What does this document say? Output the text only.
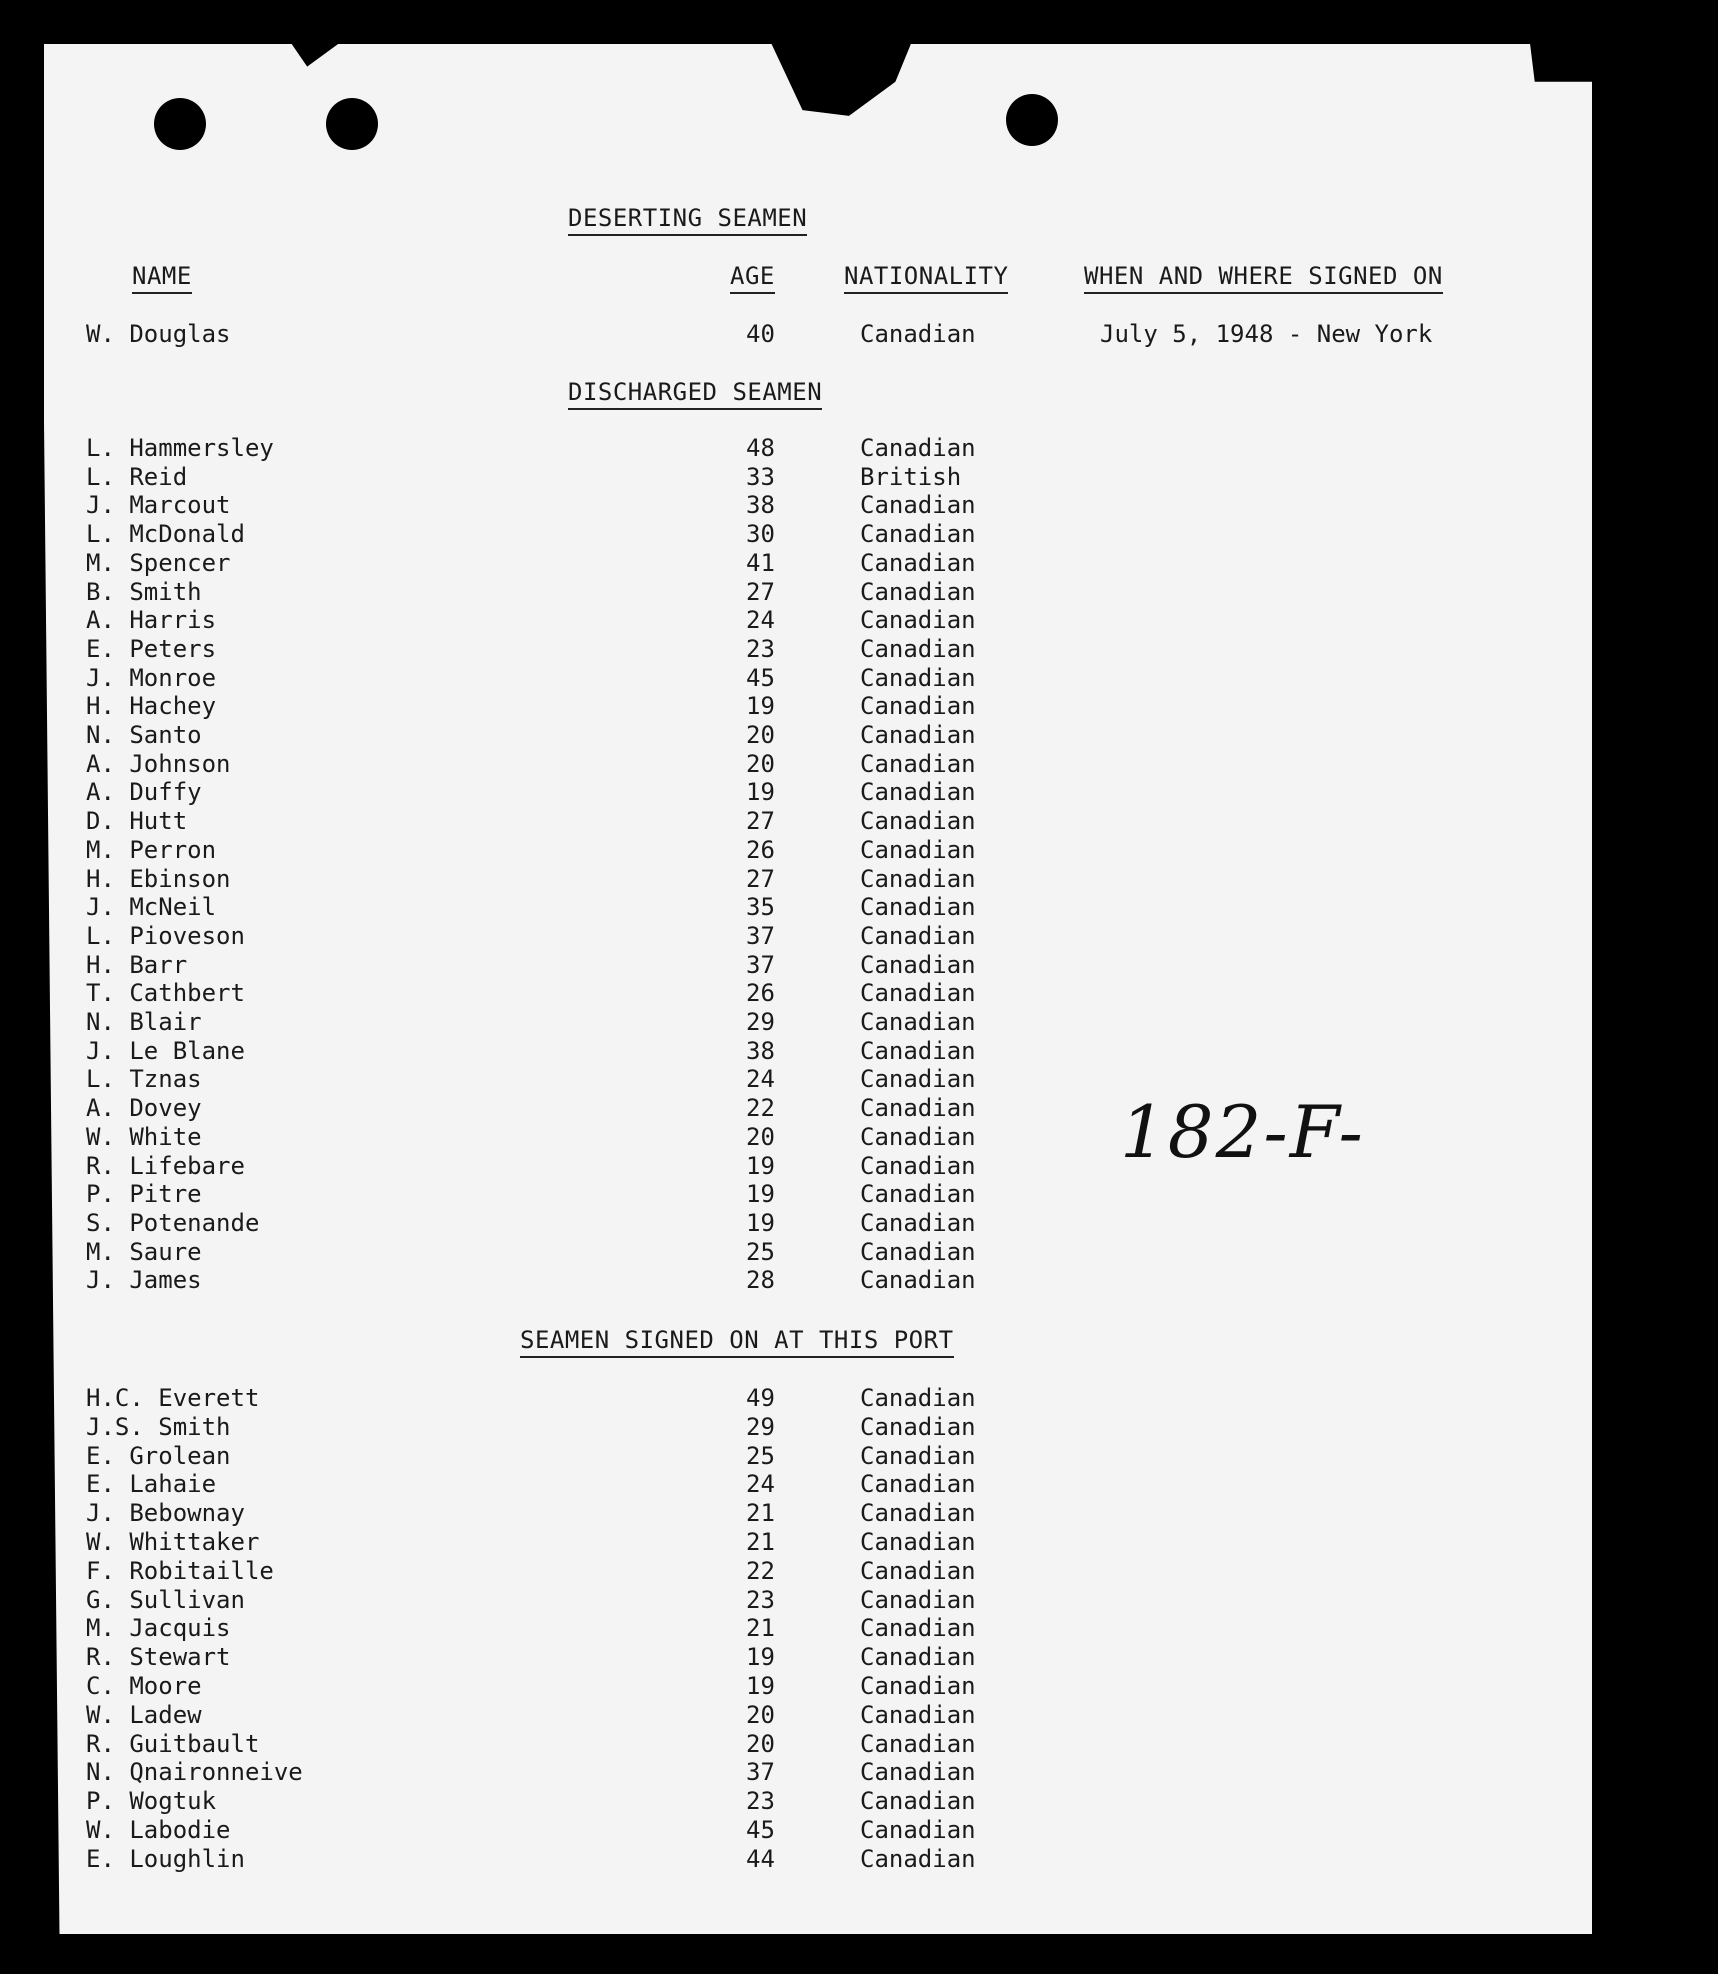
DESERTING SEAMEN
NAME	AGE	NATIONALITY	WHEN AND WHERE SIGNED ON
W. Douglas	40	Canadian	July 5, 1948 - New York
DISCHARGED SEAMEN
L. Hammersley	48	Canadian
L. Reid	33	British
J. Marcout	38	Canadian
L. McDonald	30	Canadian
M. Spencer	41	Canadian
B. Smith	27	Canadian
A. Harris	24	Canadian
E. Peters	23	Canadian
J. Monroe	45	Canadian
H. Hachey	19	Canadian
N. Santo	20	Canadian
A. Johnson	20	Canadian
A. Duffy	19	Canadian
D. Hutt	27	Canadian
M. Perron	26	Canadian
H. Ebinson	27	Canadian
J. McNeil	35	Canadian
L. Pioveson	37	Canadian
H. Barr	37	Canadian
T. Cathbert	26	Canadian
N. Blair	29	Canadian
J. Le Blane	38	Canadian
L. Tznas	24	Canadian
A. Dovey	22	Canadian
W. White	20	Canadian
R. Lifebare	19	Canadian
P. Pitre	19	Canadian
S. Potenande	19	Canadian
M. Saure	25	Canadian
J. James	28	Canadian
SEAMEN SIGNED ON AT THIS PORT
H.C. Everett	49	Canadian
J.S. Smith	29	Canadian
E. Grolean	25	Canadian
E. Lahaie	24	Canadian
J. Bebownay	21	Canadian
W. Whittaker	21	Canadian
F. Robitaille	22	Canadian
G. Sullivan	23	Canadian
M. Jacquis	21	Canadian
R. Stewart	19	Canadian
C. Moore	19	Canadian
W. Ladew	20	Canadian
R. Guitbault	20	Canadian
N. Qnaironneive	37	Canadian
P. Wogtuk	23	Canadian
W. Labodie	45	Canadian
E. Loughlin	44	Canadian
182-F-
